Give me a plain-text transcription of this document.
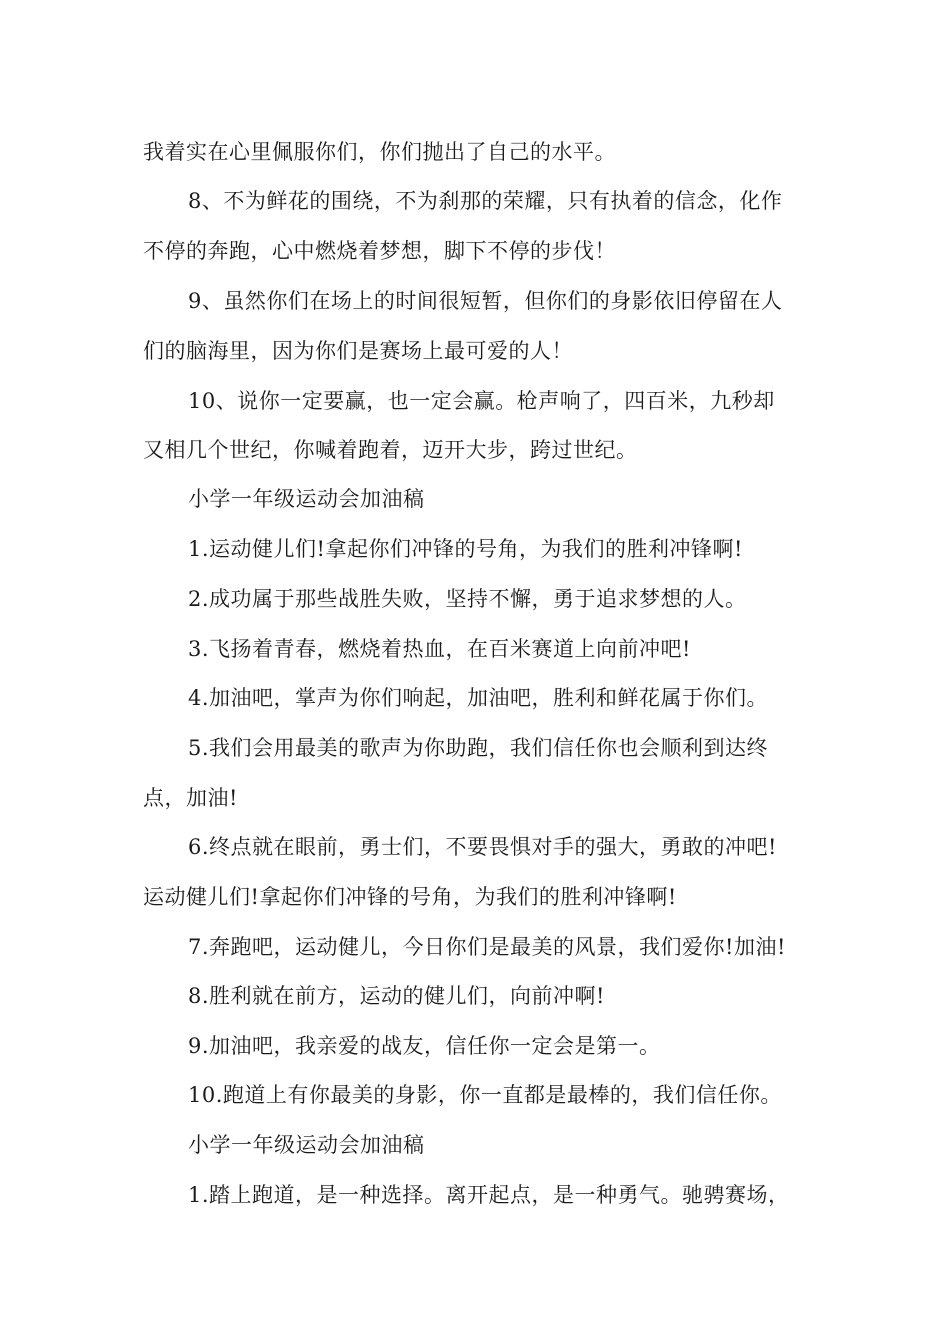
我着实在心里佩服你们，你们抛出了自己的水平。
8、不为鲜花的围绕，不为刹那的荣耀，只有执着的信念，化作
不停的奔跑，心中燃烧着梦想，脚下不停的步伐！
9、虽然你们在场上的时间很短暂，但你们的身影依旧停留在人
们的脑海里，因为你们是赛场上最可爱的人！
10、说你一定要赢，也一定会赢。枪声响了，四百米，九秒却
又相几个世纪，你喊着跑着，迈开大步，跨过世纪。
小学一年级运动会加油稿
1.运动健儿们!拿起你们冲锋的号角，为我们的胜利冲锋啊!
2.成功属于那些战胜失败，坚持不懈，勇于追求梦想的人。
3.飞扬着青春，燃烧着热血，在百米赛道上向前冲吧!
4.加油吧，掌声为你们响起，加油吧，胜利和鲜花属于你们。
5.我们会用最美的歌声为你助跑，我们信任你也会顺利到达终
点，加油!
6.终点就在眼前，勇士们，不要畏惧对手的强大，勇敢的冲吧!
运动健儿们!拿起你们冲锋的号角，为我们的胜利冲锋啊!
7.奔跑吧，运动健儿，今日你们是最美的风景，我们爱你!加油!
8.胜利就在前方，运动的健儿们，向前冲啊!
9.加油吧，我亲爱的战友，信任你一定会是第一。
10.跑道上有你最美的身影，你一直都是最棒的，我们信任你。
小学一年级运动会加油稿
1.踏上跑道，是一种选择。离开起点，是一种勇气。驰骋赛场，
